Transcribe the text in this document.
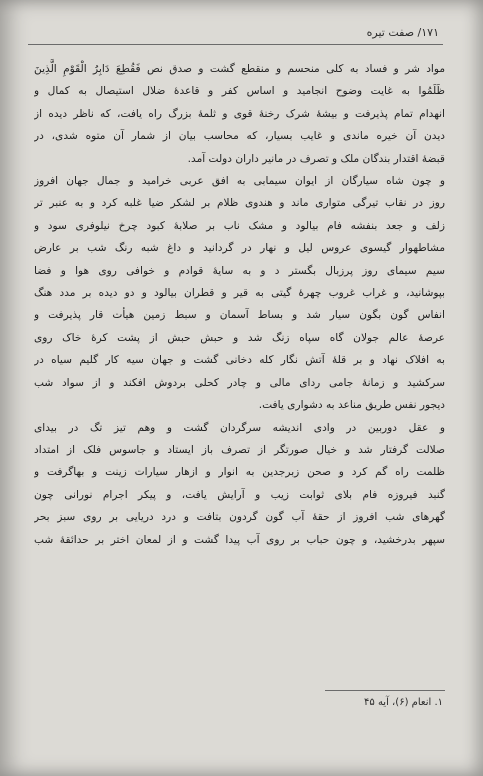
۱۷۱/ صفت تیره
مواد شر و فساد به کلی منحسم و منقطع گشت و صدق نص فَقُطِعَ دَابِرُ الْقَوْمِ الَّذِینَ
ظَلَمُوا به غایت وضوح انجامید و اساس کفر و قاعدهٔ ضلال استیصال به کمال و
انهدام تمام پذیرفت و بیشهٔ شرک رخنهٔ قوی و ثلمهٔ بزرگ راه یافت، که ناظر دیده از
دیدن آن خیره ماندی و غایب بسیار، که محاسب بیان از شمار آن متوه شدی، در
قبضهٔ اقتدار بندگان ملک و تصرف در مانیر داران دولت آمد.
و چون شاه سیارگان از ایوان سیمابی به افق عربی خرامید و جمال جهان افروز
روز در نقاب تیرگی متواری ماند و هندوی ظلام بر لشکر ضیا غلبه کرد و به عنبر تر
زلف و جعد بنفشه فام بیالود و مشک ناب بر صلابهٔ کبود چرخ نیلوفری سود و
مشاطهوار گیسوی عروس لیل و نهار در گردانید و داغ شبه رنگ شب بر عارض
سیم سیمای روز پرزبال بگستر د و به سایهٔ قوادم و خوافی روی هوا و فضا
بپوشانید، و غراب غروب چهرهٔ گیتی به قیر و قطران بیالود و دو دیده بر مدد هنگ
انفاس گون بگون سیار شد و بساط آسمان و سبط زمین هیأت قار پذیرفت و
عرصهٔ عالم جولان گاه سپاه زنگ شد و حبش حبش از پشت کرهٔ خاک روی
به افلاک نهاد و بر قلهٔ آتش نگار کله دخانی گشت و جهان سیه کار گلیم سیاه در
سرکشید و زمانهٔ جامی ردای مالی و چادر کحلی بردوش افکند و از سواد شب
دیجور نفس طریق مناعد به دشواری یافت.
و عقل دوربین در وادی اندیشه سرگردان گشت و وهم تیز تگ در بیدای
صلالت گرفتار شد و خیال صورتگر از تصرف باز ایستاد و جاسوس فلک از امتداد
ظلمت راه گم کرد و صحن زبرجدین به انوار و ازهار سیارات زینت و بهاگرفت و
گنبد فیروزه فام بلای ثوابت زیب و آرایش یافت، و پیکر اجرام نورانی چون
گهرهای شب افروز از حقهٔ آب گون گردون بتافت و درد دریایی بر روی سبز بحر
سپهر بدرخشید، و چون حباب بر روی آب پیدا گشت و از لمعان اختر بر حدائقهٔ شب
۱. انعام (۶)، آیه ۴۵
